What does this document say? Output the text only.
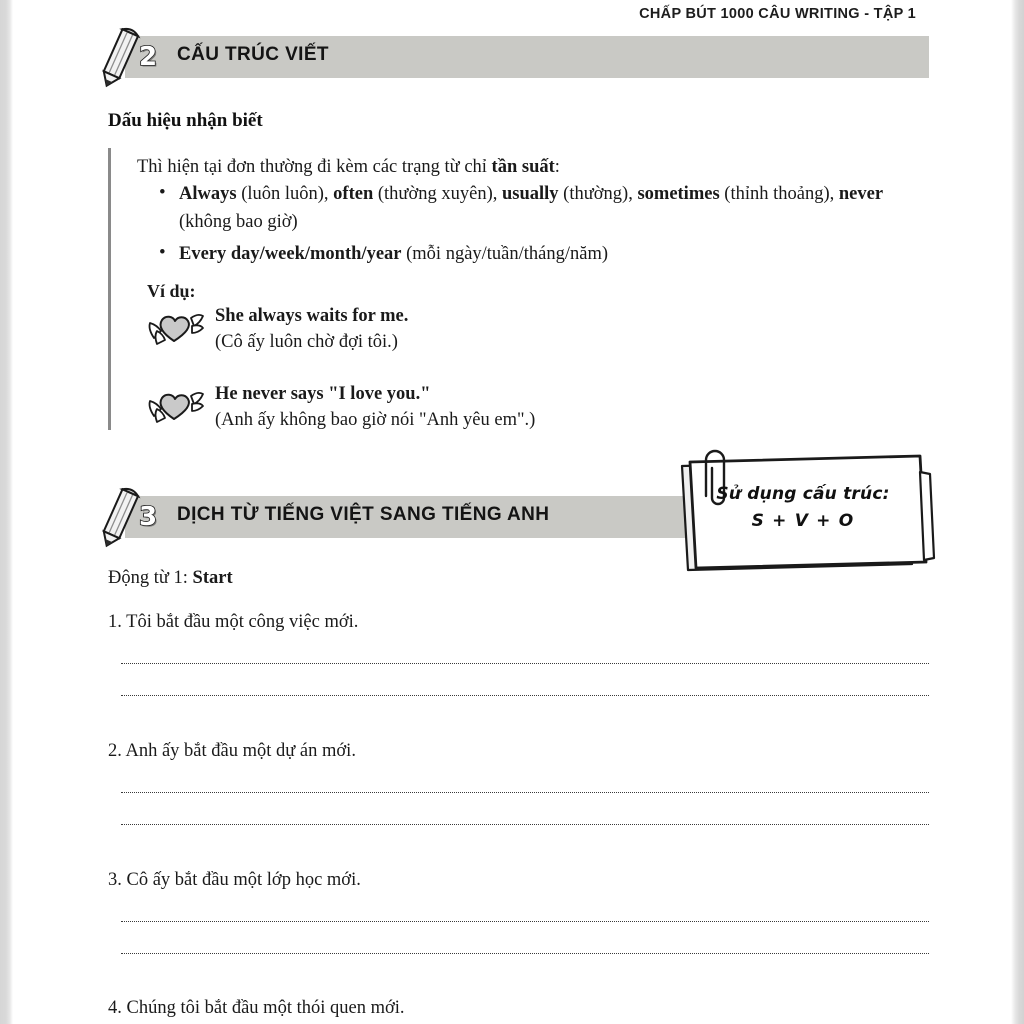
CHẤP BÚT 1000 CÂU WRITING - TẬP 1
2 CẤU TRÚC VIẾT
Dấu hiệu nhận biết
Thì hiện tại đơn thường đi kèm các trạng từ chỉ tần suất:
• Always (luôn luôn), often (thường xuyên), usually (thường), sometimes (thỉnh thoảng), never (không bao giờ)
• Every day/week/month/year (mỗi ngày/tuần/tháng/năm)
Ví dụ:
She always waits for me.
(Cô ấy luôn chờ đợi tôi.)
He never says "I love you."
(Anh ấy không bao giờ nói "Anh yêu em".)
3 DỊCH TỪ TIẾNG VIỆT SANG TIẾNG ANH
Sử dụng cấu trúc:
S + V + O
Động từ 1: Start
1. Tôi bắt đầu một công việc mới.
2. Anh ấy bắt đầu một dự án mới.
3. Cô ấy bắt đầu một lớp học mới.
4. Chúng tôi bắt đầu một thói quen mới.
